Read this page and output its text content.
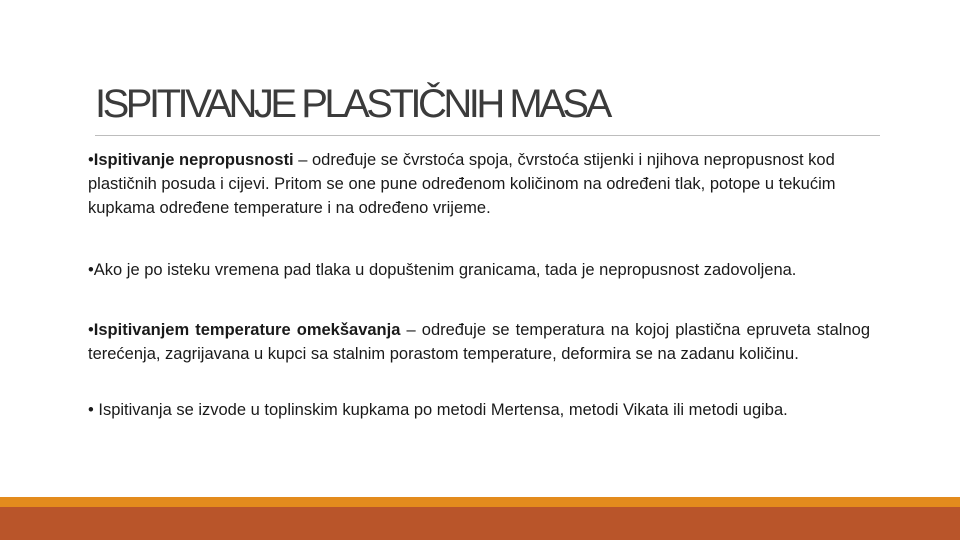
ISPITIVANJE PLASTIČNIH MASA

•Ispitivanje nepropusnosti – određuje se čvrstoća spoja, čvrstoća stijenki i njihova nepropusnost kod plastičnih posuda i cijevi. Pritom se one pune određenom količinom na određeni tlak, potope u tekućim kupkama određene temperature i na određeno vrijeme.

•Ako je po isteku vremena pad tlaka u dopuštenim granicama, tada je nepropusnost zadovoljena.

•Ispitivanjem temperature omekšavanja – određuje se temperatura na kojoj plastična epruveta stalnog terećenja, zagrijavana u kupci sa stalnim porastom temperature, deformira se na zadanu količinu.

• Ispitivanja se izvode u toplinskim kupkama po metodi Mertensa, metodi Vikata ili metodi ugiba.
